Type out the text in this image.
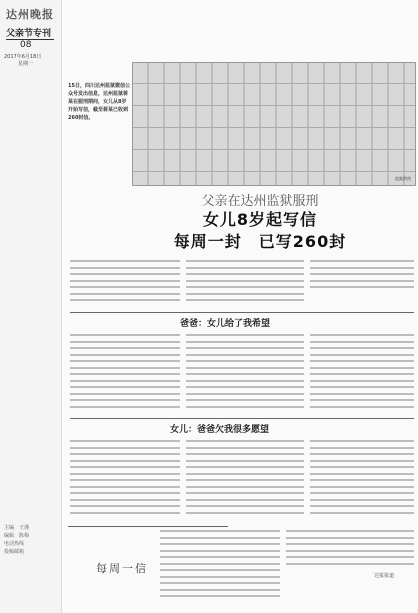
达州晚报
父亲节专刊
08
2017年6月18日
星期一
主编　王谨
编辑　陈梅
电话热线
投稿邮箱
15日，四川达州监狱微信公众号发出信息，达州监狱蒋某在服刑期间，女儿从8岁开始写信，截至蒋某已收到260封信。
监狱供图
父亲在达州监狱服刑
女儿8岁起写信
每周一封　已写260封
爸爸：女儿给了我希望
女儿：爸爸欠我很多愿望
每周一信
达报报道
